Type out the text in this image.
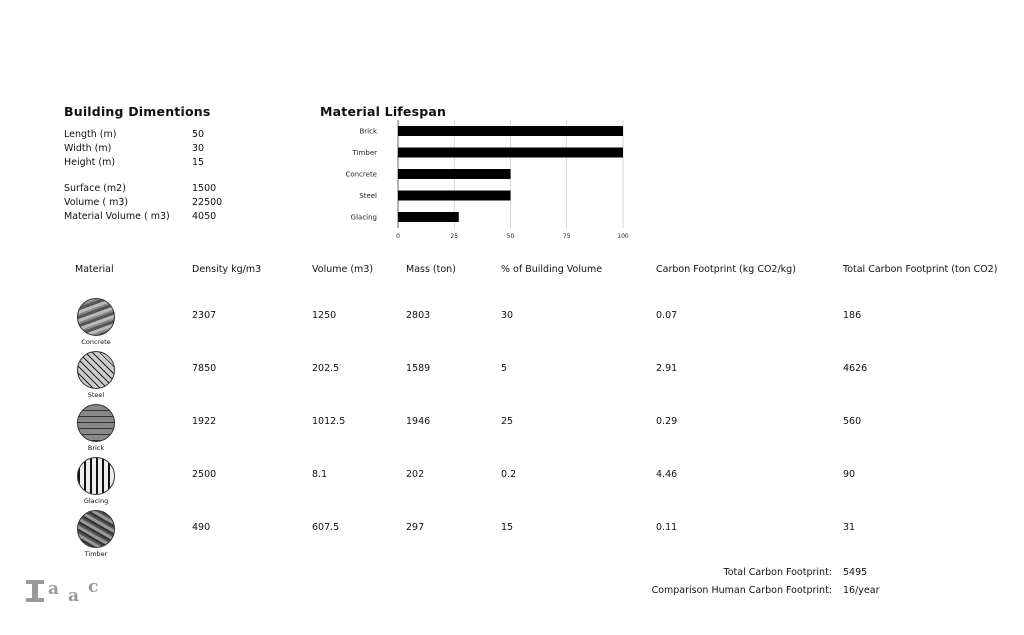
Building Dimentions
Length (m)	50
Width (m)	30
Height (m)	15
Surface (m2)	1500
Volume ( m3)	22500
Material Volume ( m3) 4050
Material Lifespan
0	25	50	75	100
Brick
Timber
Concrete
Steel
Glacing
Material	Density kg/m3	Volume (m3)	Mass (ton)	% of Building Volume	Carbon Footprint (kg CO2/kg)	Total Carbon Footprint (ton CO2)
Concrete
2307	1250	2803	30	0.07	186
Steel
7850	202.5	1589	5	2.91	4626
Brick
1922	1012.5	1946	25	0.29	560
Glacing
2500	8.1	202	0.2	4.46	90
Timber
490	607.5	297	15	0.11	31
Total Carbon Footprint: 5495
Comparison Human Carbon Footprint: 16/year
a a c
